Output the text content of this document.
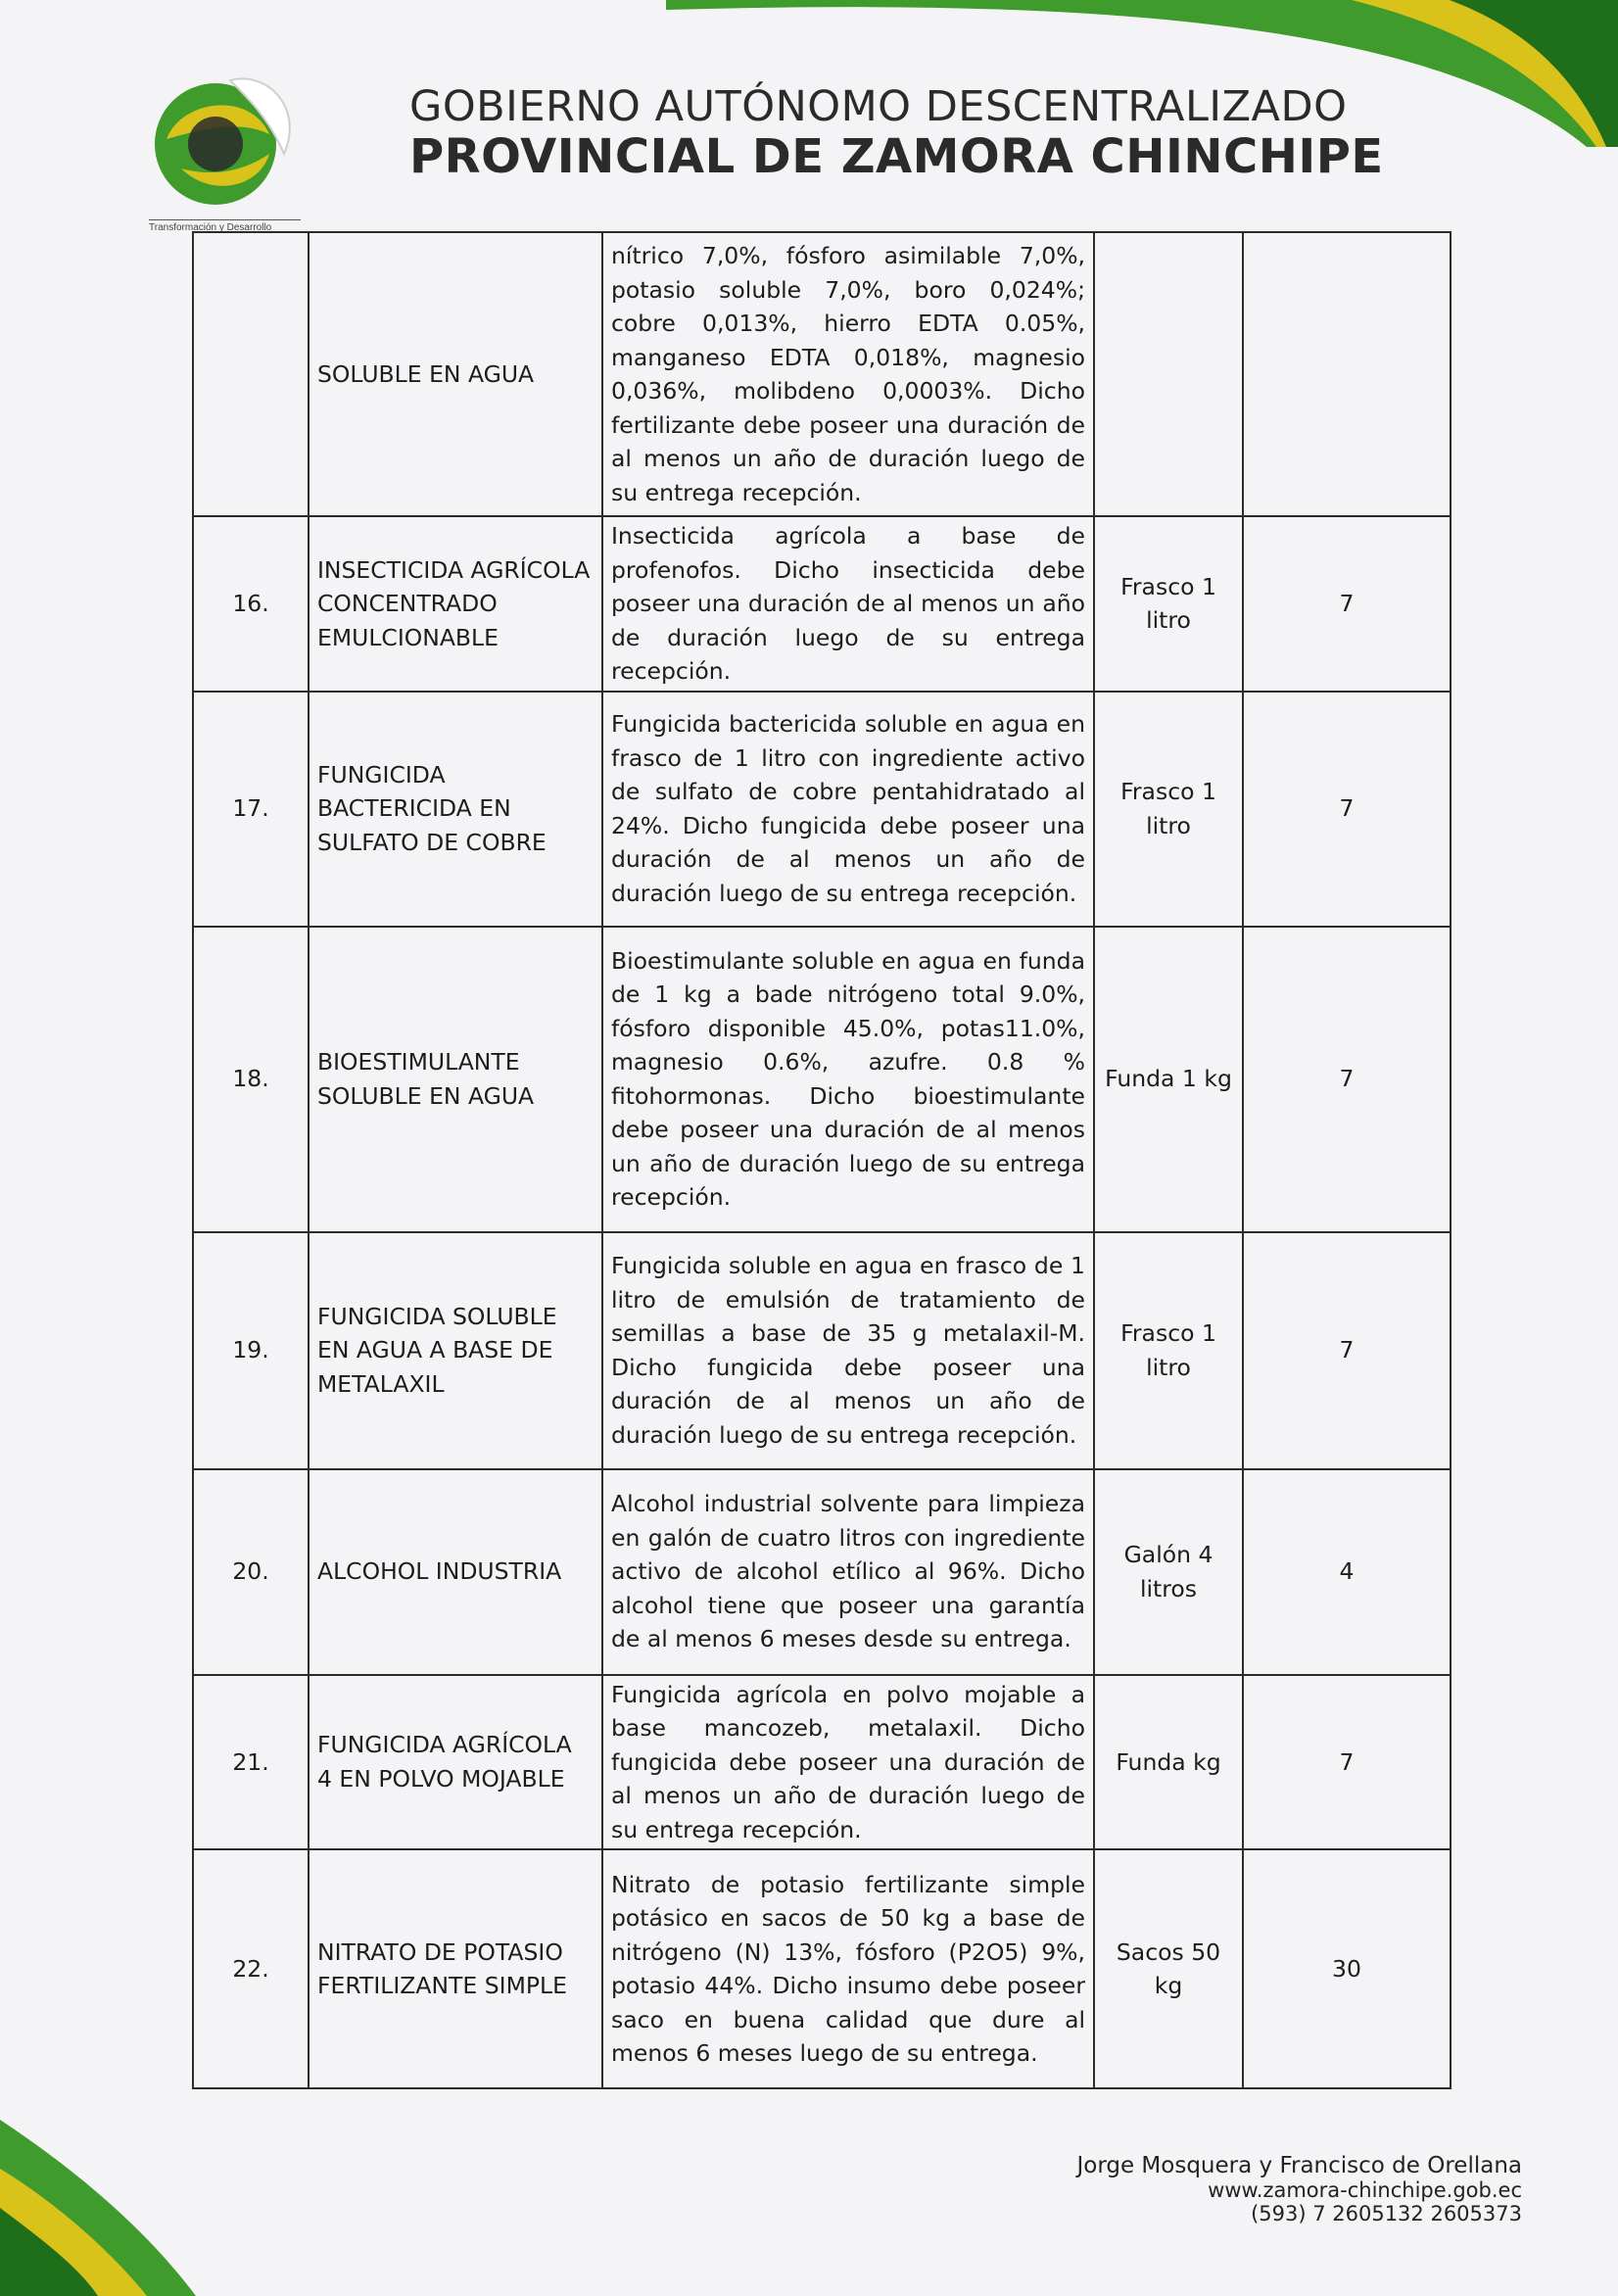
Transformación y Desarrollo
GOBIERNO AUTÓNOMO DESCENTRALIZADO
PROVINCIAL DE ZAMORA CHINCHIPE
	SOLUBLE EN AGUA	nítrico 7,0%, fósforo asimilable 7,0%, potasio soluble 7,0%, boro 0,024%; cobre 0,013%, hierro EDTA 0.05%, manganeso EDTA 0,018%, magnesio 0,036%, molibdeno 0,0003%. Dicho fertilizante debe poseer una duración de al menos un año de duración luego de su entrega recepción.		
16.	INSECTICIDA AGRÍCOLA CONCENTRADO EMULCIONABLE	Insecticida agrícola a base de profenofos. Dicho insecticida debe poseer una duración de al menos un año de duración luego de su entrega recepción.	Frasco 1 litro	7
17.	FUNGICIDA BACTERICIDA EN SULFATO DE COBRE	Fungicida bactericida soluble en agua en frasco de 1 litro con ingrediente activo de sulfato de cobre pentahidratado al 24%. Dicho fungicida debe poseer una duración de al menos un año de duración luego de su entrega recepción.	Frasco 1 litro	7
18.	BIOESTIMULANTE SOLUBLE EN AGUA	Bioestimulante soluble en agua en funda de 1 kg a bade nitrógeno total 9.0%, fósforo disponible 45.0%, potas11.0%, magnesio 0.6%, azufre. 0.8 % fitohormonas. Dicho bioestimulante debe poseer una duración de al menos un año de duración luego de su entrega recepción.	Funda 1 kg	7
19.	FUNGICIDA SOLUBLE EN AGUA A BASE DE METALAXIL	Fungicida soluble en agua en frasco de 1 litro de emulsión de tratamiento de semillas a base de 35 g metalaxil-M. Dicho fungicida debe poseer una duración de al menos un año de duración luego de su entrega recepción.	Frasco 1 litro	7
20.	ALCOHOL INDUSTRIA	Alcohol industrial solvente para limpieza en galón de cuatro litros con ingrediente activo de alcohol etílico al 96%. Dicho alcohol tiene que poseer una garantía de al menos 6 meses desde su entrega.	Galón 4 litros	4
21.	FUNGICIDA AGRÍCOLA 4 EN POLVO MOJABLE	Fungicida agrícola en polvo mojable a base mancozeb, metalaxil. Dicho fungicida debe poseer una duración de al menos un año de duración luego de su entrega recepción.	Funda kg	7
22.	NITRATO DE POTASIO FERTILIZANTE SIMPLE	Nitrato de potasio fertilizante simple potásico en sacos de 50 kg a base de nitrógeno (N) 13%, fósforo (P2O5) 9%, potasio 44%. Dicho insumo debe poseer saco en buena calidad que dure al menos 6 meses luego de su entrega.	Sacos 50 kg	30
Jorge Mosquera y Francisco de Orellana
www.zamora-chinchipe.gob.ec
(593) 7 2605132 2605373
